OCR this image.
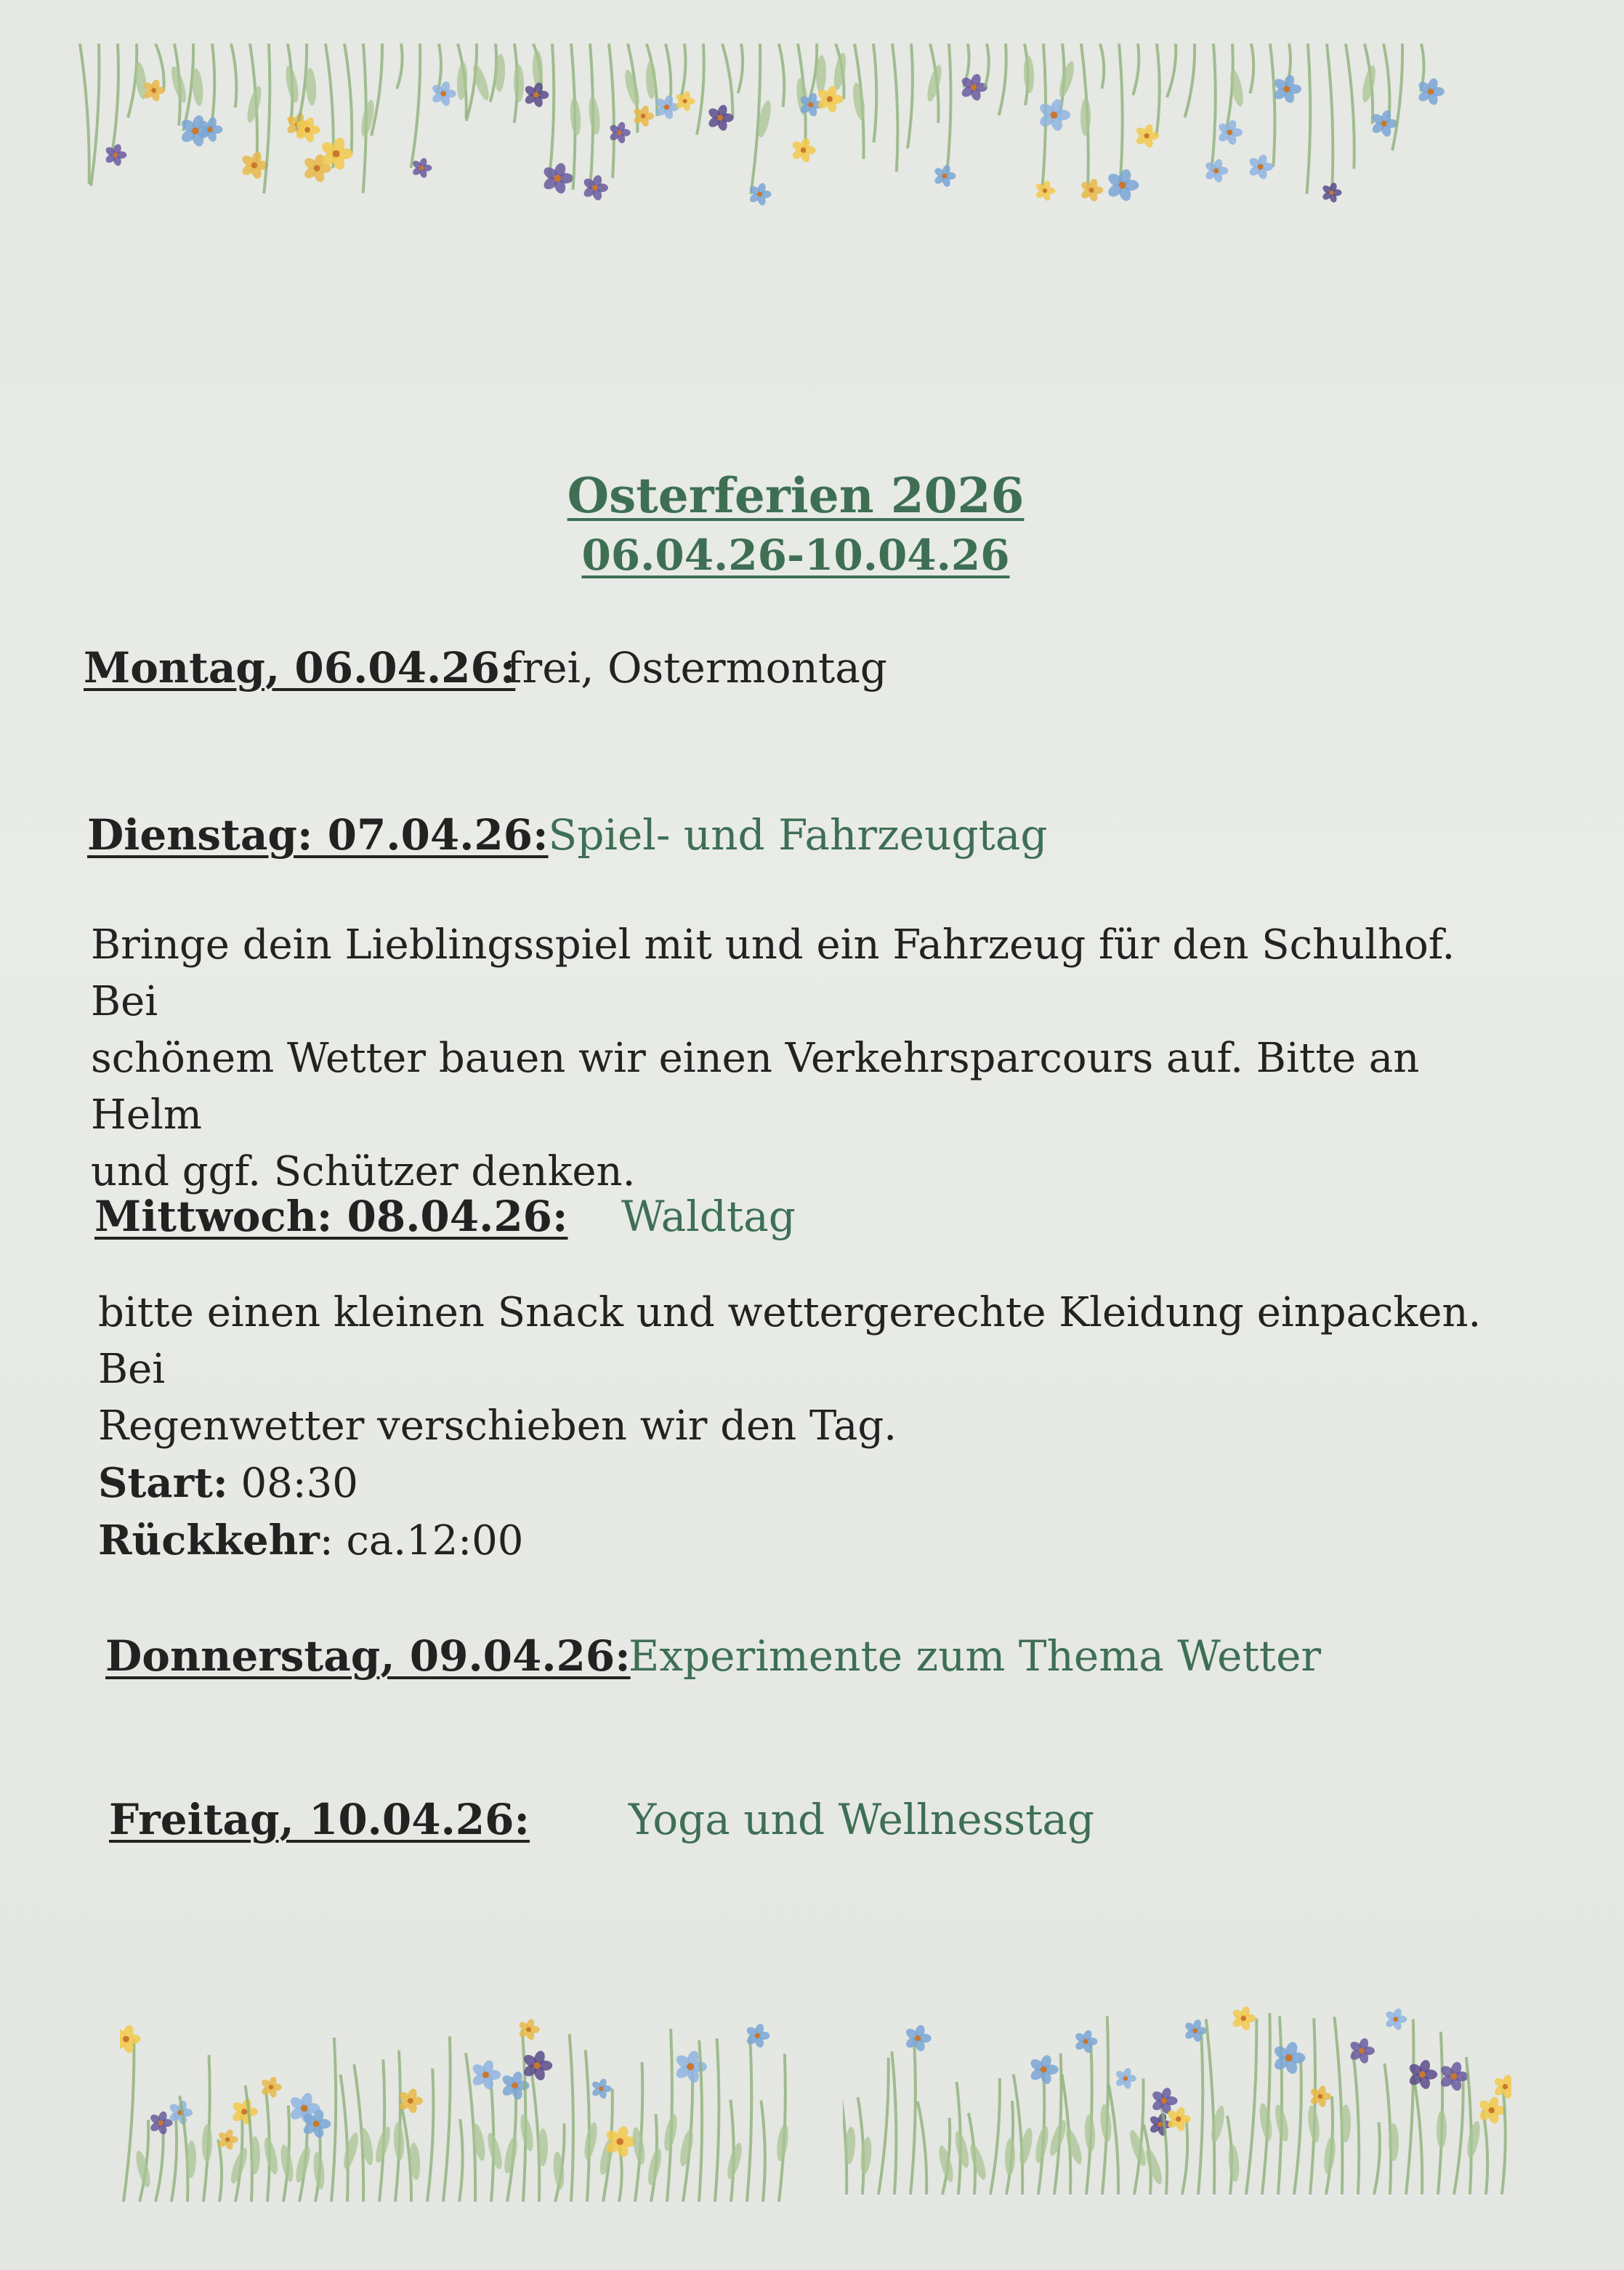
Osterferien 2026
06.04.26-10.04.26
Montag, 06.04.26:
frei, Ostermontag
Dienstag: 07.04.26:Spiel- und Fahrzeugtag
Bringe dein Lieblingsspiel mit und ein Fahrzeug für den Schulhof. Bei
schönem Wetter bauen wir einen Verkehrsparcours auf. Bitte an Helm
und ggf. Schützer denken.
Mittwoch: 08.04.26: Waldtag
bitte einen kleinen Snack und wettergerechte Kleidung einpacken. Bei
Regenwetter verschieben wir den Tag.
Start: 08:30
Rückkehr: ca.12:00
Donnerstag, 09.04.26:
Experimente zum Thema Wetter
Freitag, 10.04.26: Yoga und Wellnesstag
